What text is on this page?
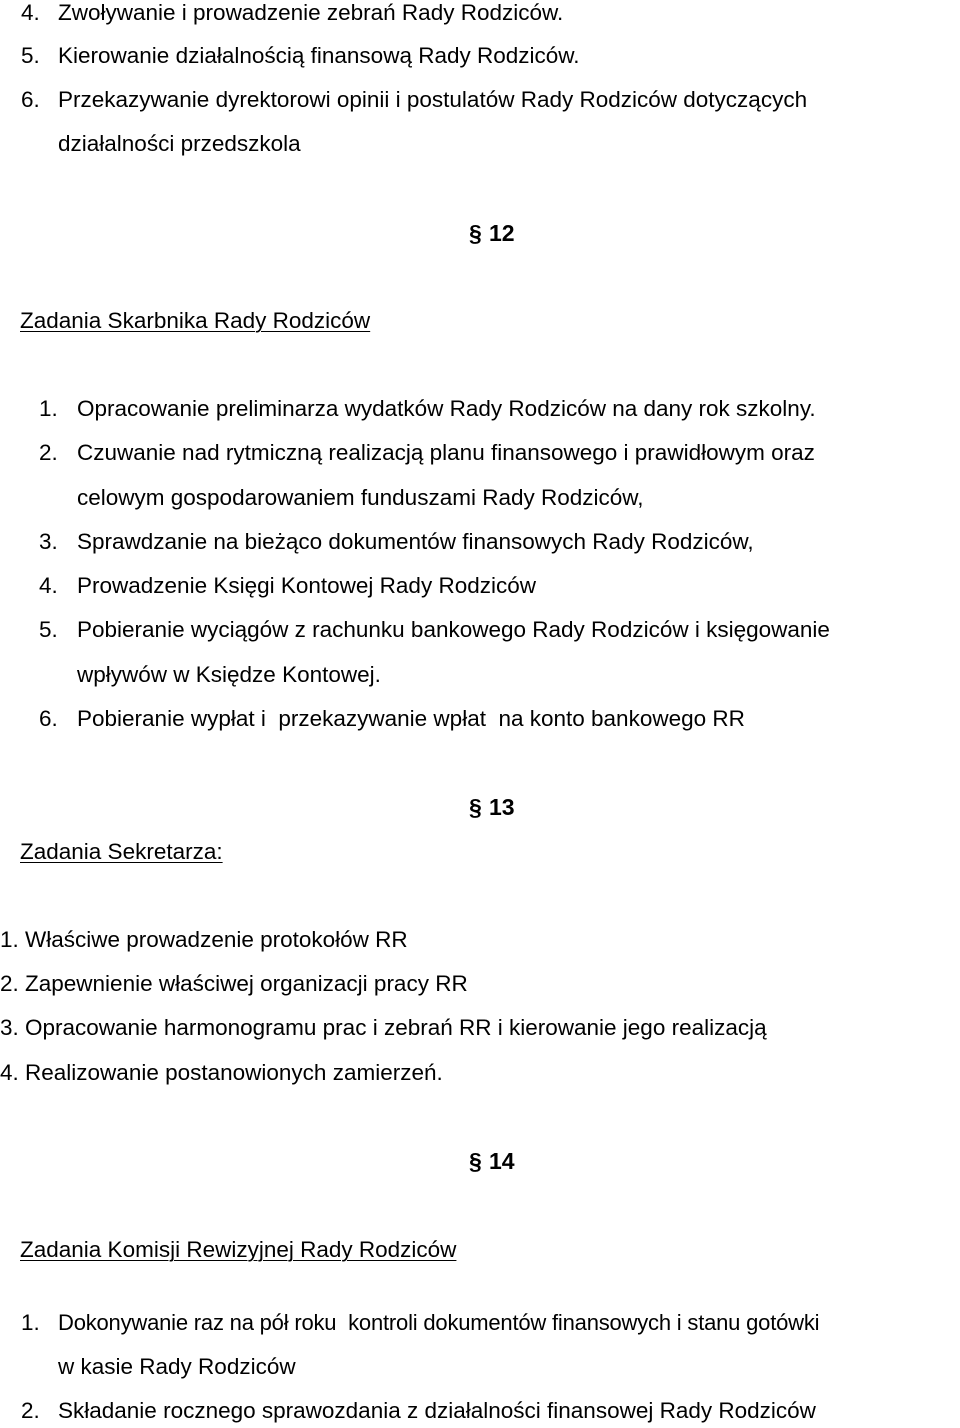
4. Zwoływanie i prowadzenie zebrań Rady Rodziców.
5. Kierowanie działalnością finansową Rady Rodziców.
6. Przekazywanie dyrektorowi opinii i postulatów Rady Rodziców dotyczących
działalności przedszkola
§ 12
Zadania Skarbnika Rady Rodziców
1. Opracowanie preliminarza wydatków Rady Rodziców na dany rok szkolny.
2. Czuwanie nad rytmiczną realizacją planu finansowego i prawidłowym oraz
celowym gospodarowaniem funduszami Rady Rodziców,
3. Sprawdzanie na bieżąco dokumentów finansowych Rady Rodziców,
4. Prowadzenie Księgi Kontowej Rady Rodziców
5. Pobieranie wyciągów z rachunku bankowego Rady Rodziców i księgowanie
wpływów w Księdze Kontowej.
6. Pobieranie wypłat i  przekazywanie wpłat  na konto bankowego RR
§ 13
Zadania Sekretarza:
1. Właściwe prowadzenie protokołów RR
2. Zapewnienie właściwej organizacji pracy RR
3. Opracowanie harmonogramu prac i zebrań RR i kierowanie jego realizacją
4. Realizowanie postanowionych zamierzeń.
§ 14
Zadania Komisji Rewizyjnej Rady Rodziców
1. Dokonywanie raz na pół roku  kontroli dokumentów finansowych i stanu gotówki
w kasie Rady Rodziców
2. Składanie rocznego sprawozdania z działalności finansowej Rady Rodziców
